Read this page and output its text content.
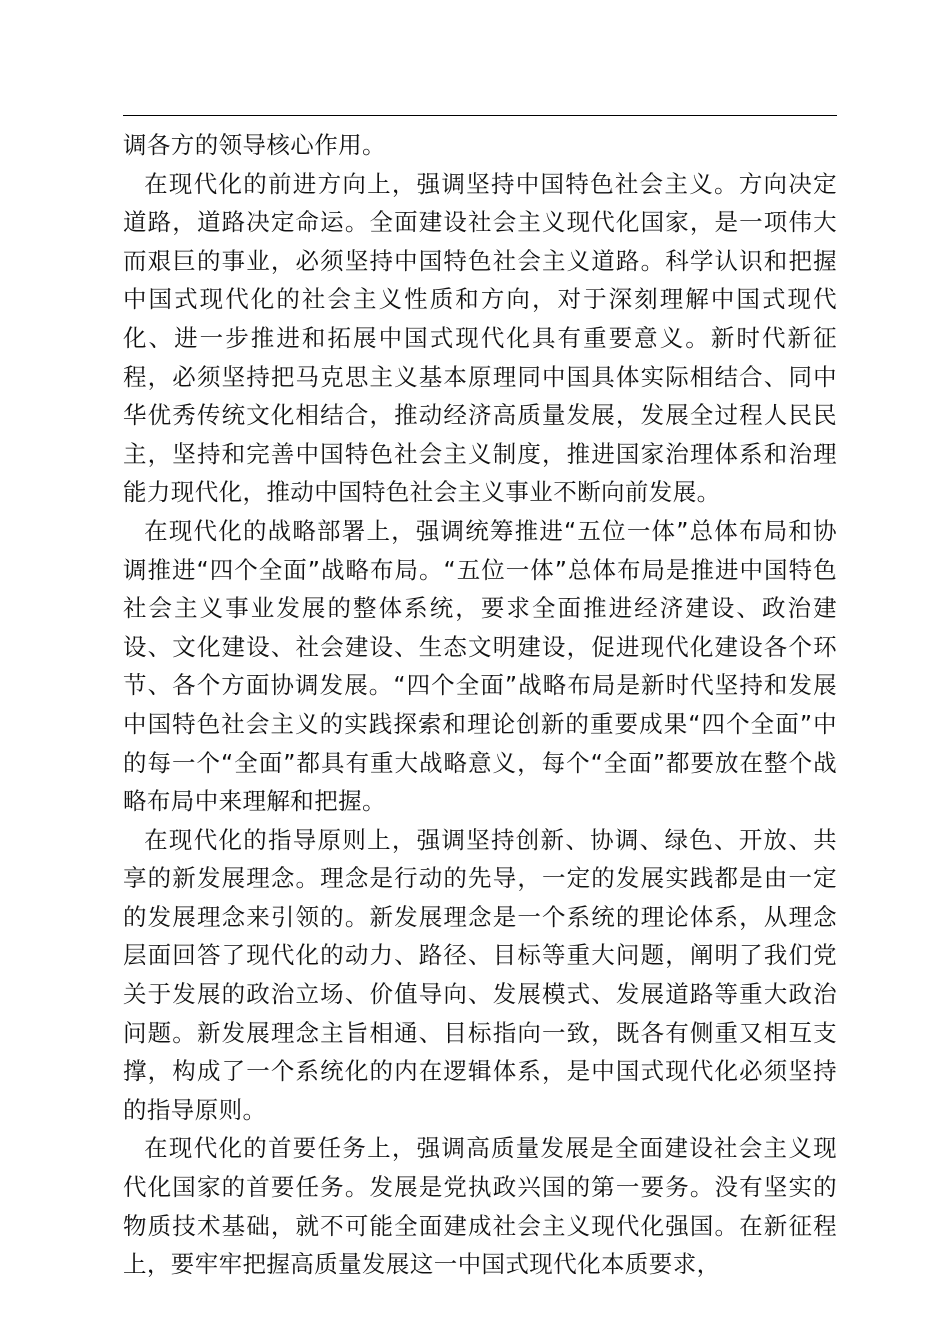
调各方的领导核心作用。

在现代化的前进方向上，强调坚持中国特色社会主义。方向决定道路，道路决定命运。全面建设社会主义现代化国家，是一项伟大而艰巨的事业，必须坚持中国特色社会主义道路。科学认识和把握中国式现代化的社会主义性质和方向，对于深刻理解中国式现代化、进一步推进和拓展中国式现代化具有重要意义。新时代新征程，必须坚持把马克思主义基本原理同中国具体实际相结合、同中华优秀传统文化相结合，推动经济高质量发展，发展全过程人民民主，坚持和完善中国特色社会主义制度，推进国家治理体系和治理能力现代化，推动中国特色社会主义事业不断向前发展。

在现代化的战略部署上，强调统筹推进“五位一体”总体布局和协调推进“四个全面”战略布局。“五位一体”总体布局是推进中国特色社会主义事业发展的整体系统，要求全面推进经济建设、政治建设、文化建设、社会建设、生态文明建设，促进现代化建设各个环节、各个方面协调发展。“四个全面”战略布局是新时代坚持和发展中国特色社会主义的实践探索和理论创新的重要成果“四个全面”中的每一个“全面”都具有重大战略意义，每个“全面”都要放在整个战略布局中来理解和把握。

在现代化的指导原则上，强调坚持创新、协调、绿色、开放、共享的新发展理念。理念是行动的先导，一定的发展实践都是由一定的发展理念来引领的。新发展理念是一个系统的理论体系，从理念层面回答了现代化的动力、路径、目标等重大问题，阐明了我们党关于发展的政治立场、价值导向、发展模式、发展道路等重大政治问题。新发展理念主旨相通、目标指向一致，既各有侧重又相互支撑，构成了一个系统化的内在逻辑体系，是中国式现代化必须坚持的指导原则。

在现代化的首要任务上，强调高质量发展是全面建设社会主义现代化国家的首要任务。发展是党执政兴国的第一要务。没有坚实的物质技术基础，就不可能全面建成社会主义现代化强国。在新征程上，要牢牢把握高质量发展这一中国式现代化本质要求，
